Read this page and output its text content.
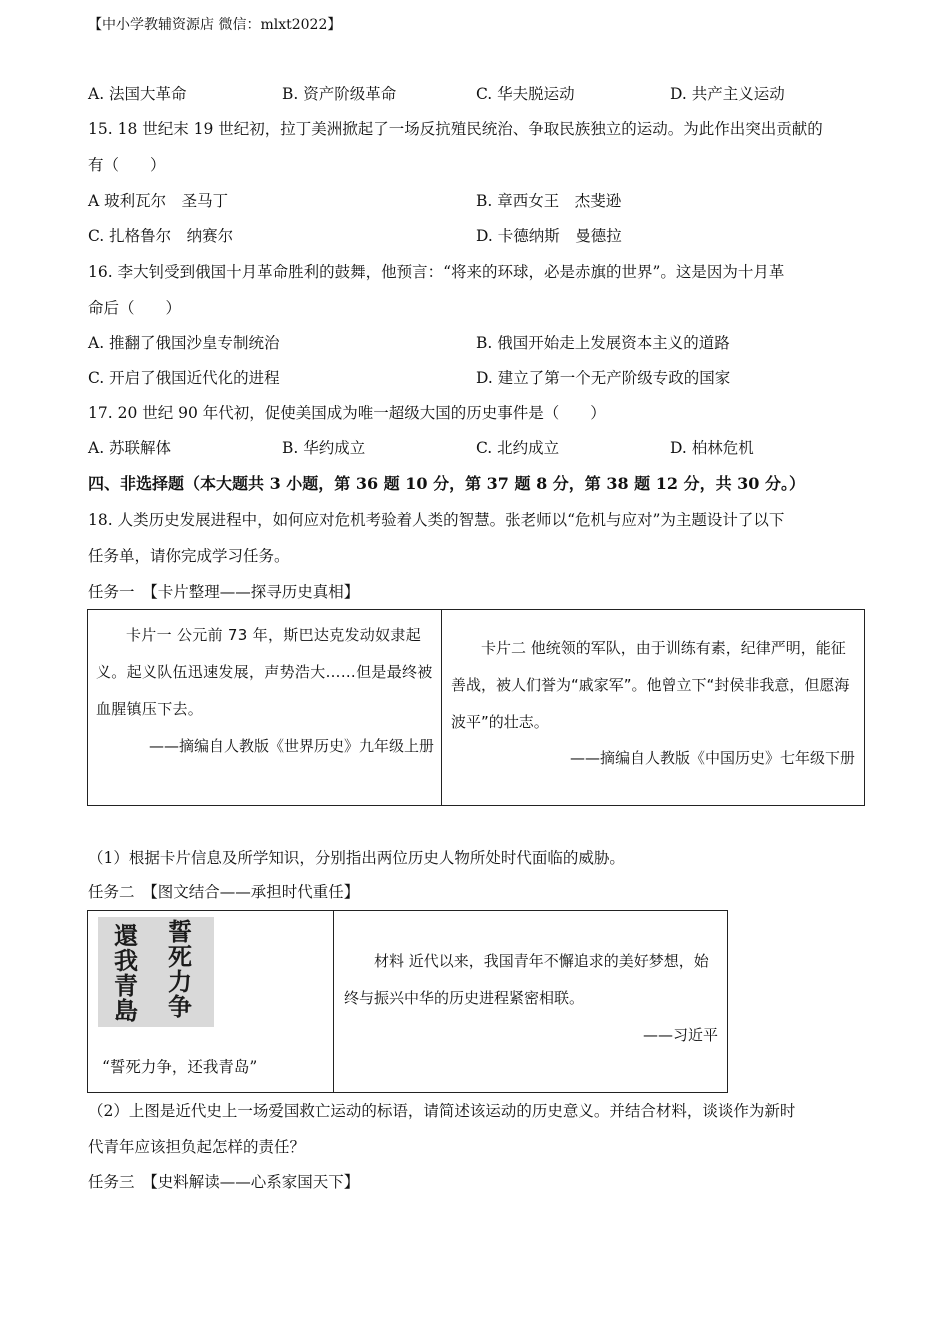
【中小学教辅资源店 微信：mlxt2022】
A. 法国大革命	B. 资产阶级革命	C. 华夫脱运动	D. 共产主义运动
15. 18 世纪末 19 世纪初，拉丁美洲掀起了一场反抗殖民统治、争取民族独立的运动。为此作出突出贡献的
有（　　）
A 玻利瓦尔　圣马丁	B. 章西女王　杰斐逊
C. 扎格鲁尔　纳赛尔	D. 卡德纳斯　曼德拉
16. 李大钊受到俄国十月革命胜利的鼓舞，他预言：“将来的环球，必是赤旗的世界”。这是因为十月革
命后（　　）
A. 推翻了俄国沙皇专制统治	B. 俄国开始走上发展资本主义的道路
C. 开启了俄国近代化的进程	D. 建立了第一个无产阶级专政的国家
17. 20 世纪 90 年代初，促使美国成为唯一超级大国的历史事件是（　　）
A. 苏联解体	B. 华约成立	C. 北约成立	D. 柏林危机
四、非选择题（本大题共 3 小题，第 36 题 10 分，第 37 题 8 分，第 38 题 12 分，共 30 分。）
18. 人类历史发展进程中，如何应对危机考验着人类的智慧。张老师以“危机与应对”为主题设计了以下
任务单，请你完成学习任务。
任务一　【卡片整理——探寻历史真相】
卡片一 公元前 73 年，斯巴达克发动奴隶起义。起义队伍迅速发展，声势浩大……但是最终被血腥镇压下去。
——摘编自人教版《世界历史》九年级上册
卡片二 他统领的军队，由于训练有素，纪律严明，能征善战，被人们誉为“戚家军”。他曾立下“封侯非我意，但愿海波平”的壮志。
——摘编自人教版《中国历史》七年级下册
（1）根据卡片信息及所学知识，分别指出两位历史人物所处时代面临的威胁。
任务二　【图文结合——承担时代重任】
還
我
青
島
誓
死
力
争
“誓死力争，还我青岛”
材料 近代以来，我国青年不懈追求的美好梦想，始终与振兴中华的历史进程紧密相联。
——习近平
（2）上图是近代史上一场爱国救亡运动的标语，请简述该运动的历史意义。并结合材料，谈谈作为新时
代青年应该担负起怎样的责任？
任务三　【史料解读——心系家国天下】
